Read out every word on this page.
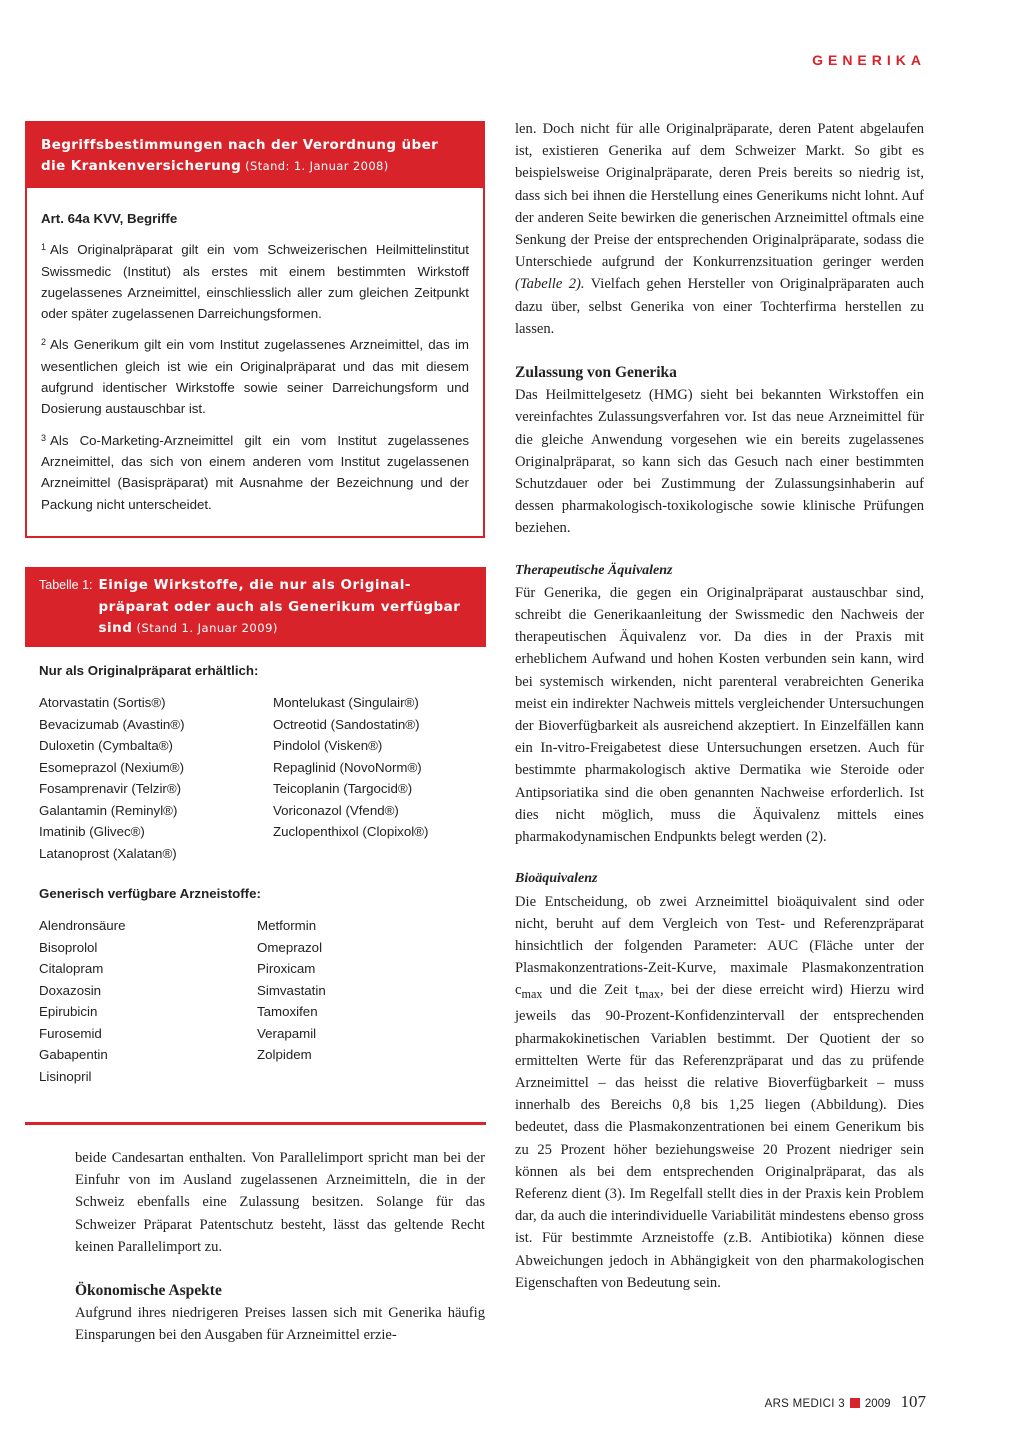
GENERIKA
Begriffsbestimmungen nach der Verordnung über
die Krankenversicherung (Stand: 1. Januar 2008)
Art. 64a KVV, Begriffe

$^1$ Als Originalpräparat gilt ein vom Schweizerischen Heilmittelinstitut Swissmedic (Institut) als erstes mit einem bestimmten Wirkstoff zugelassenes Arzneimittel, einschliesslich aller zum gleichen Zeitpunkt oder später zugelassenen Darreichungsformen.

$^2$ Als Generikum gilt ein vom Institut zugelassenes Arzneimittel, das im wesentlichen gleich ist wie ein Originalpräparat und das mit diesem aufgrund identischer Wirkstoffe sowie seiner Darreichungsform und Dosierung austauschbar ist.

$^3$ Als Co-Marketing-Arzneimittel gilt ein vom Institut zugelassenes Arzneimittel, das sich von einem anderen vom Institut zugelassenen Arzneimittel (Basispräparat) mit Ausnahme der Bezeichnung und der Packung nicht unterscheidet.

Tabelle 1: Einige Wirkstoffe, die nur als Original-
präparat oder auch als Generikum verfügbar
sind (Stand 1. Januar 2009)
Nur als Originalpräparat erhältlich:
Atorvastatin (Sortis®)	Montelukast (Singulair®)
Bevacizumab (Avastin®)	Octreotid (Sandostatin®)
Duloxetin (Cymbalta®)	Pindolol (Visken®)
Esomeprazol (Nexium®)	Repaglinid (NovoNorm®)
Fosamprenavir (Telzir®)	Teicoplanin (Targocid®)
Galantamin (Reminyl®)	Voriconazol (Vfend®)
Imatinib (Glivec®)	Zuclopenthixol (Clopixol®)
Latanoprost (Xalatan®)
Generisch verfügbare Arzneistoffe:
Alendronsäure	Metformin
Bisoprolol	Omeprazol
Citalopram	Piroxicam
Doxazosin	Simvastatin
Epirubicin	Tamoxifen
Furosemid	Verapamil
Gabapentin	Zolpidem
Lisinopril

beide Candesartan enthalten. Von Parallelimport spricht man bei der Einfuhr von im Ausland zugelassenen Arzneimitteln, die in der Schweiz ebenfalls eine Zulassung besitzen. Solange für das Schweizer Präparat Patentschutz besteht, lässt das geltende Recht keinen Parallelimport zu.

Ökonomische Aspekte

Aufgrund ihres niedrigeren Preises lassen sich mit Generika häufig Einsparungen bei den Ausgaben für Arzneimittel erzie-

len. Doch nicht für alle Originalpräparate, deren Patent abgelaufen ist, existieren Generika auf dem Schweizer Markt. So gibt es beispielsweise Originalpräparate, deren Preis bereits so niedrig ist, dass sich bei ihnen die Herstellung eines Generikums nicht lohnt. Auf der anderen Seite bewirken die generischen Arzneimittel oftmals eine Senkung der Preise der entsprechenden Originalpräparate, sodass die Unterschiede aufgrund der Konkurrenzsituation geringer werden (Tabelle 2). Vielfach gehen Hersteller von Originalpräparaten auch dazu über, selbst Generika von einer Tochterfirma herstellen zu lassen.

Zulassung von Generika

Das Heilmittelgesetz (HMG) sieht bei bekannten Wirkstoffen ein vereinfachtes Zulassungsverfahren vor. Ist das neue Arzneimittel für die gleiche Anwendung vorgesehen wie ein bereits zugelassenes Originalpräparat, so kann sich das Gesuch nach einer bestimmten Schutzdauer oder bei Zustimmung der Zulassungsinhaberin auf dessen pharmakologisch-toxikologische sowie klinische Prüfungen beziehen.

Therapeutische Äquivalenz

Für Generika, die gegen ein Originalpräparat austauschbar sind, schreibt die Generikaanleitung der Swissmedic den Nachweis der therapeutischen Äquivalenz vor. Da dies in der Praxis mit erheblichem Aufwand und hohen Kosten verbunden sein kann, wird bei systemisch wirkenden, nicht parenteral verabreichten Generika meist ein indirekter Nachweis mittels vergleichender Untersuchungen der Bioverfügbarkeit als ausreichend akzeptiert. In Einzelfällen kann ein In-vitro-Freigabetest diese Untersuchungen ersetzen. Auch für bestimmte pharmakologisch aktive Dermatika wie Steroide oder Antipsoriatika sind die oben genannten Nachweise erforderlich. Ist dies nicht möglich, muss die Äquivalenz mittels eines pharmakodynamischen Endpunkts belegt werden (2).

Bioäquivalenz

Die Entscheidung, ob zwei Arzneimittel bioäquivalent sind oder nicht, beruht auf dem Vergleich von Test- und Referenzpräparat hinsichtlich der folgenden Parameter: AUC (Fläche unter der Plasmakonzentrations-Zeit-Kurve, maximale Plasmakonzentration $c_{max}$ und die Zeit $t_{max}$, bei der diese erreicht wird) Hierzu wird jeweils das 90-Prozent-Konfidenzintervall der entsprechenden pharmakokinetischen Variablen bestimmt. Der Quotient der so ermittelten Werte für das Referenzpräparat und das zu prüfende Arzneimittel – das heisst die relative Bioverfügbarkeit – muss innerhalb des Bereichs 0,8 bis 1,25 liegen (Abbildung). Dies bedeutet, dass die Plasmakonzentrationen bei einem Generikum bis zu 25 Prozent höher beziehungsweise 20 Prozent niedriger sein können als bei dem entsprechenden Originalpräparat, das als Referenz dient (3). Im Regelfall stellt dies in der Praxis kein Problem dar, da auch die interindividuelle Variabilität mindestens ebenso gross ist. Für bestimmte Arzneistoffe (z.B. Antibiotika) können diese Abweichungen jedoch in Abhängigkeit von den pharmakologischen Eigenschaften von Bedeutung sein.

ARS MEDICI 3 2009 107
